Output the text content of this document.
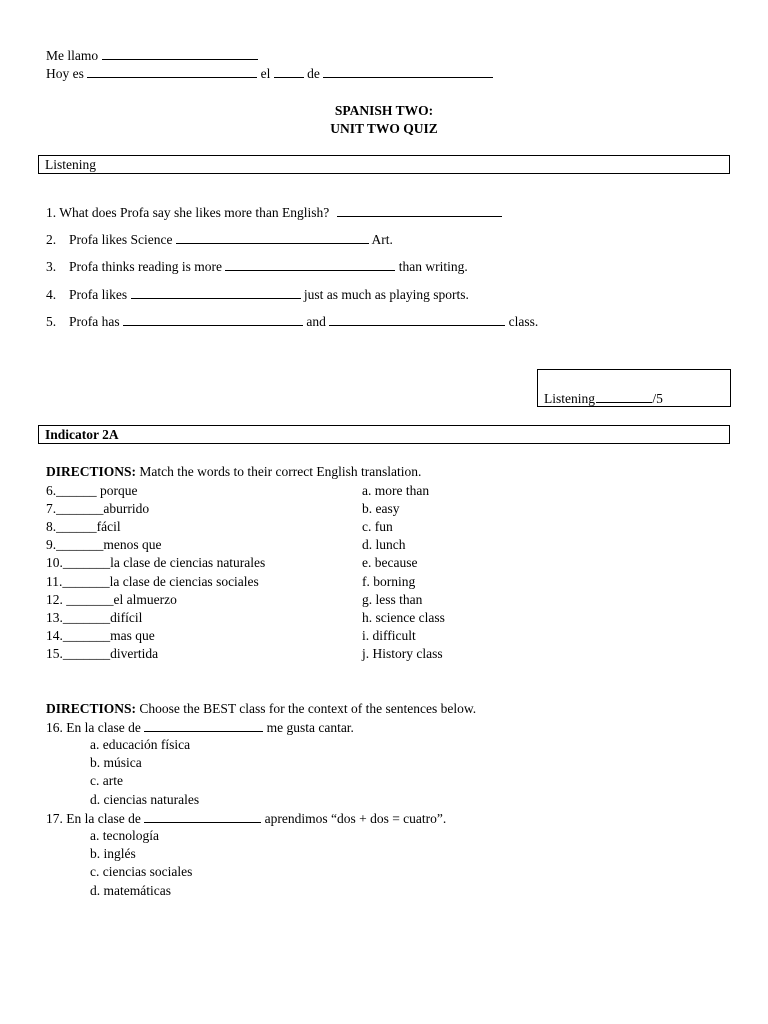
Me llamo
Hoy es	el	de
SPANISH TWO:
UNIT TWO QUIZ
Listening
1. What does Profa say she likes more than English?
2. Profa likes Science	Art.
3. Profa thinks reading is more	than writing.
4. Profa likes	just as much as playing sports.
5. Profa has	and	class.
Listening	/5
Indicator 2A
DIRECTIONS: Match the words to their correct English translation.
6.______ porque
7._______aburrido
8.______fácil
9._______menos que
10._______la clase de ciencias naturales
11._______la clase de ciencias sociales
12. _______el almuerzo
13._______difícil
14._______mas que
15._______divertida
a. more than
b. easy
c. fun
d. lunch
e. because
f. borning
g. less than
h. science class
i. difficult
j. History class
DIRECTIONS: Choose the BEST class for the context of the sentences below.
16. En la clase de	me gusta cantar.
a. educación física
b. música
c. arte
d. ciencias naturales
17. En la clase de	aprendimos “dos + dos = cuatro”.
a. tecnología
b. inglés
c. ciencias sociales
d. matemáticas
